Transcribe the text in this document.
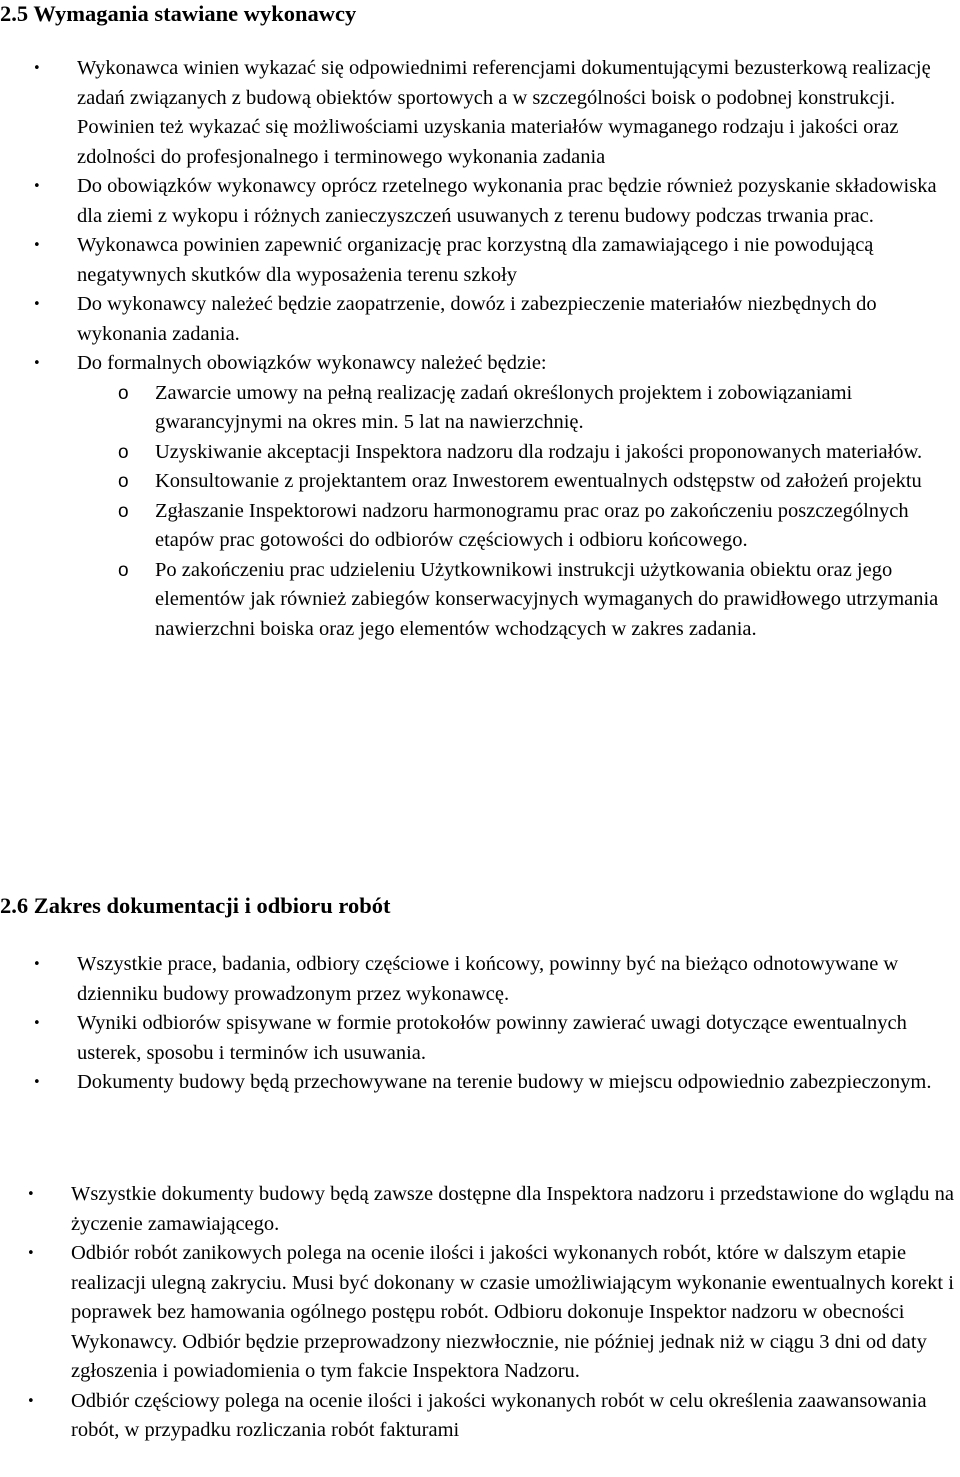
2.5 Wymagania stawiane wykonawcy
• Wykonawca winien wykazać się odpowiednimi referencjami dokumentującymi bezusterkową realizację zadań związanych z budową obiektów sportowych a w szczególności boisk o podobnej konstrukcji. Powinien też wykazać się możliwościami uzyskania materiałów wymaganego rodzaju i jakości oraz zdolności do profesjonalnego i terminowego wykonania zadania
• Do obowiązków wykonawcy oprócz rzetelnego wykonania prac będzie również pozyskanie składowiska dla ziemi z wykopu i różnych zanieczyszczeń usuwanych z terenu budowy podczas trwania prac.
• Wykonawca powinien zapewnić organizację prac korzystną dla zamawiającego i nie powodującą negatywnych skutków dla wyposażenia terenu szkoły
• Do wykonawcy należeć będzie zaopatrzenie, dowóz i zabezpieczenie materiałów niezbędnych do wykonania zadania.
• Do formalnych obowiązków wykonawcy należeć będzie:
o Zawarcie umowy na pełną realizację zadań określonych projektem i zobowiązaniami gwarancyjnymi na okres min. 5 lat na nawierzchnię.
o Uzyskiwanie akceptacji Inspektora nadzoru dla rodzaju i jakości proponowanych materiałów.
o Konsultowanie z projektantem oraz Inwestorem ewentualnych odstępstw od założeń projektu
o Zgłaszanie Inspektorowi nadzoru harmonogramu prac oraz po zakończeniu poszczególnych etapów prac gotowości do odbiorów częściowych i odbioru końcowego.
o Po zakończeniu prac udzieleniu Użytkownikowi instrukcji użytkowania obiektu oraz jego elementów jak również zabiegów konserwacyjnych wymaganych do prawidłowego utrzymania nawierzchni boiska oraz jego elementów wchodzących w zakres zadania.
2.6 Zakres dokumentacji i odbioru robót
• Wszystkie prace, badania, odbiory częściowe i końcowy, powinny być na bieżąco odnotowywane w dzienniku budowy prowadzonym przez wykonawcę.
• Wyniki odbiorów spisywane w formie protokołów powinny zawierać uwagi dotyczące ewentualnych usterek, sposobu i terminów ich usuwania.
• Dokumenty budowy będą przechowywane na terenie budowy w miejscu odpowiednio zabezpieczonym.
• Wszystkie dokumenty budowy będą zawsze dostępne dla Inspektora nadzoru i przedstawione do wglądu na życzenie zamawiającego.
• Odbiór robót zanikowych polega na ocenie ilości i jakości wykonanych robót, które w dalszym etapie realizacji ulegną zakryciu. Musi być dokonany w czasie umożliwiającym wykonanie ewentualnych korekt i poprawek bez hamowania ogólnego postępu robót. Odbioru dokonuje Inspektor nadzoru w obecności Wykonawcy. Odbiór będzie przeprowadzony niezwłocznie, nie później jednak niż w ciągu 3 dni od daty zgłoszenia i powiadomienia o tym fakcie Inspektora Nadzoru.
• Odbiór częściowy polega na ocenie ilości i jakości wykonanych robót w celu określenia zaawansowania robót, w przypadku rozliczania robót fakturami
